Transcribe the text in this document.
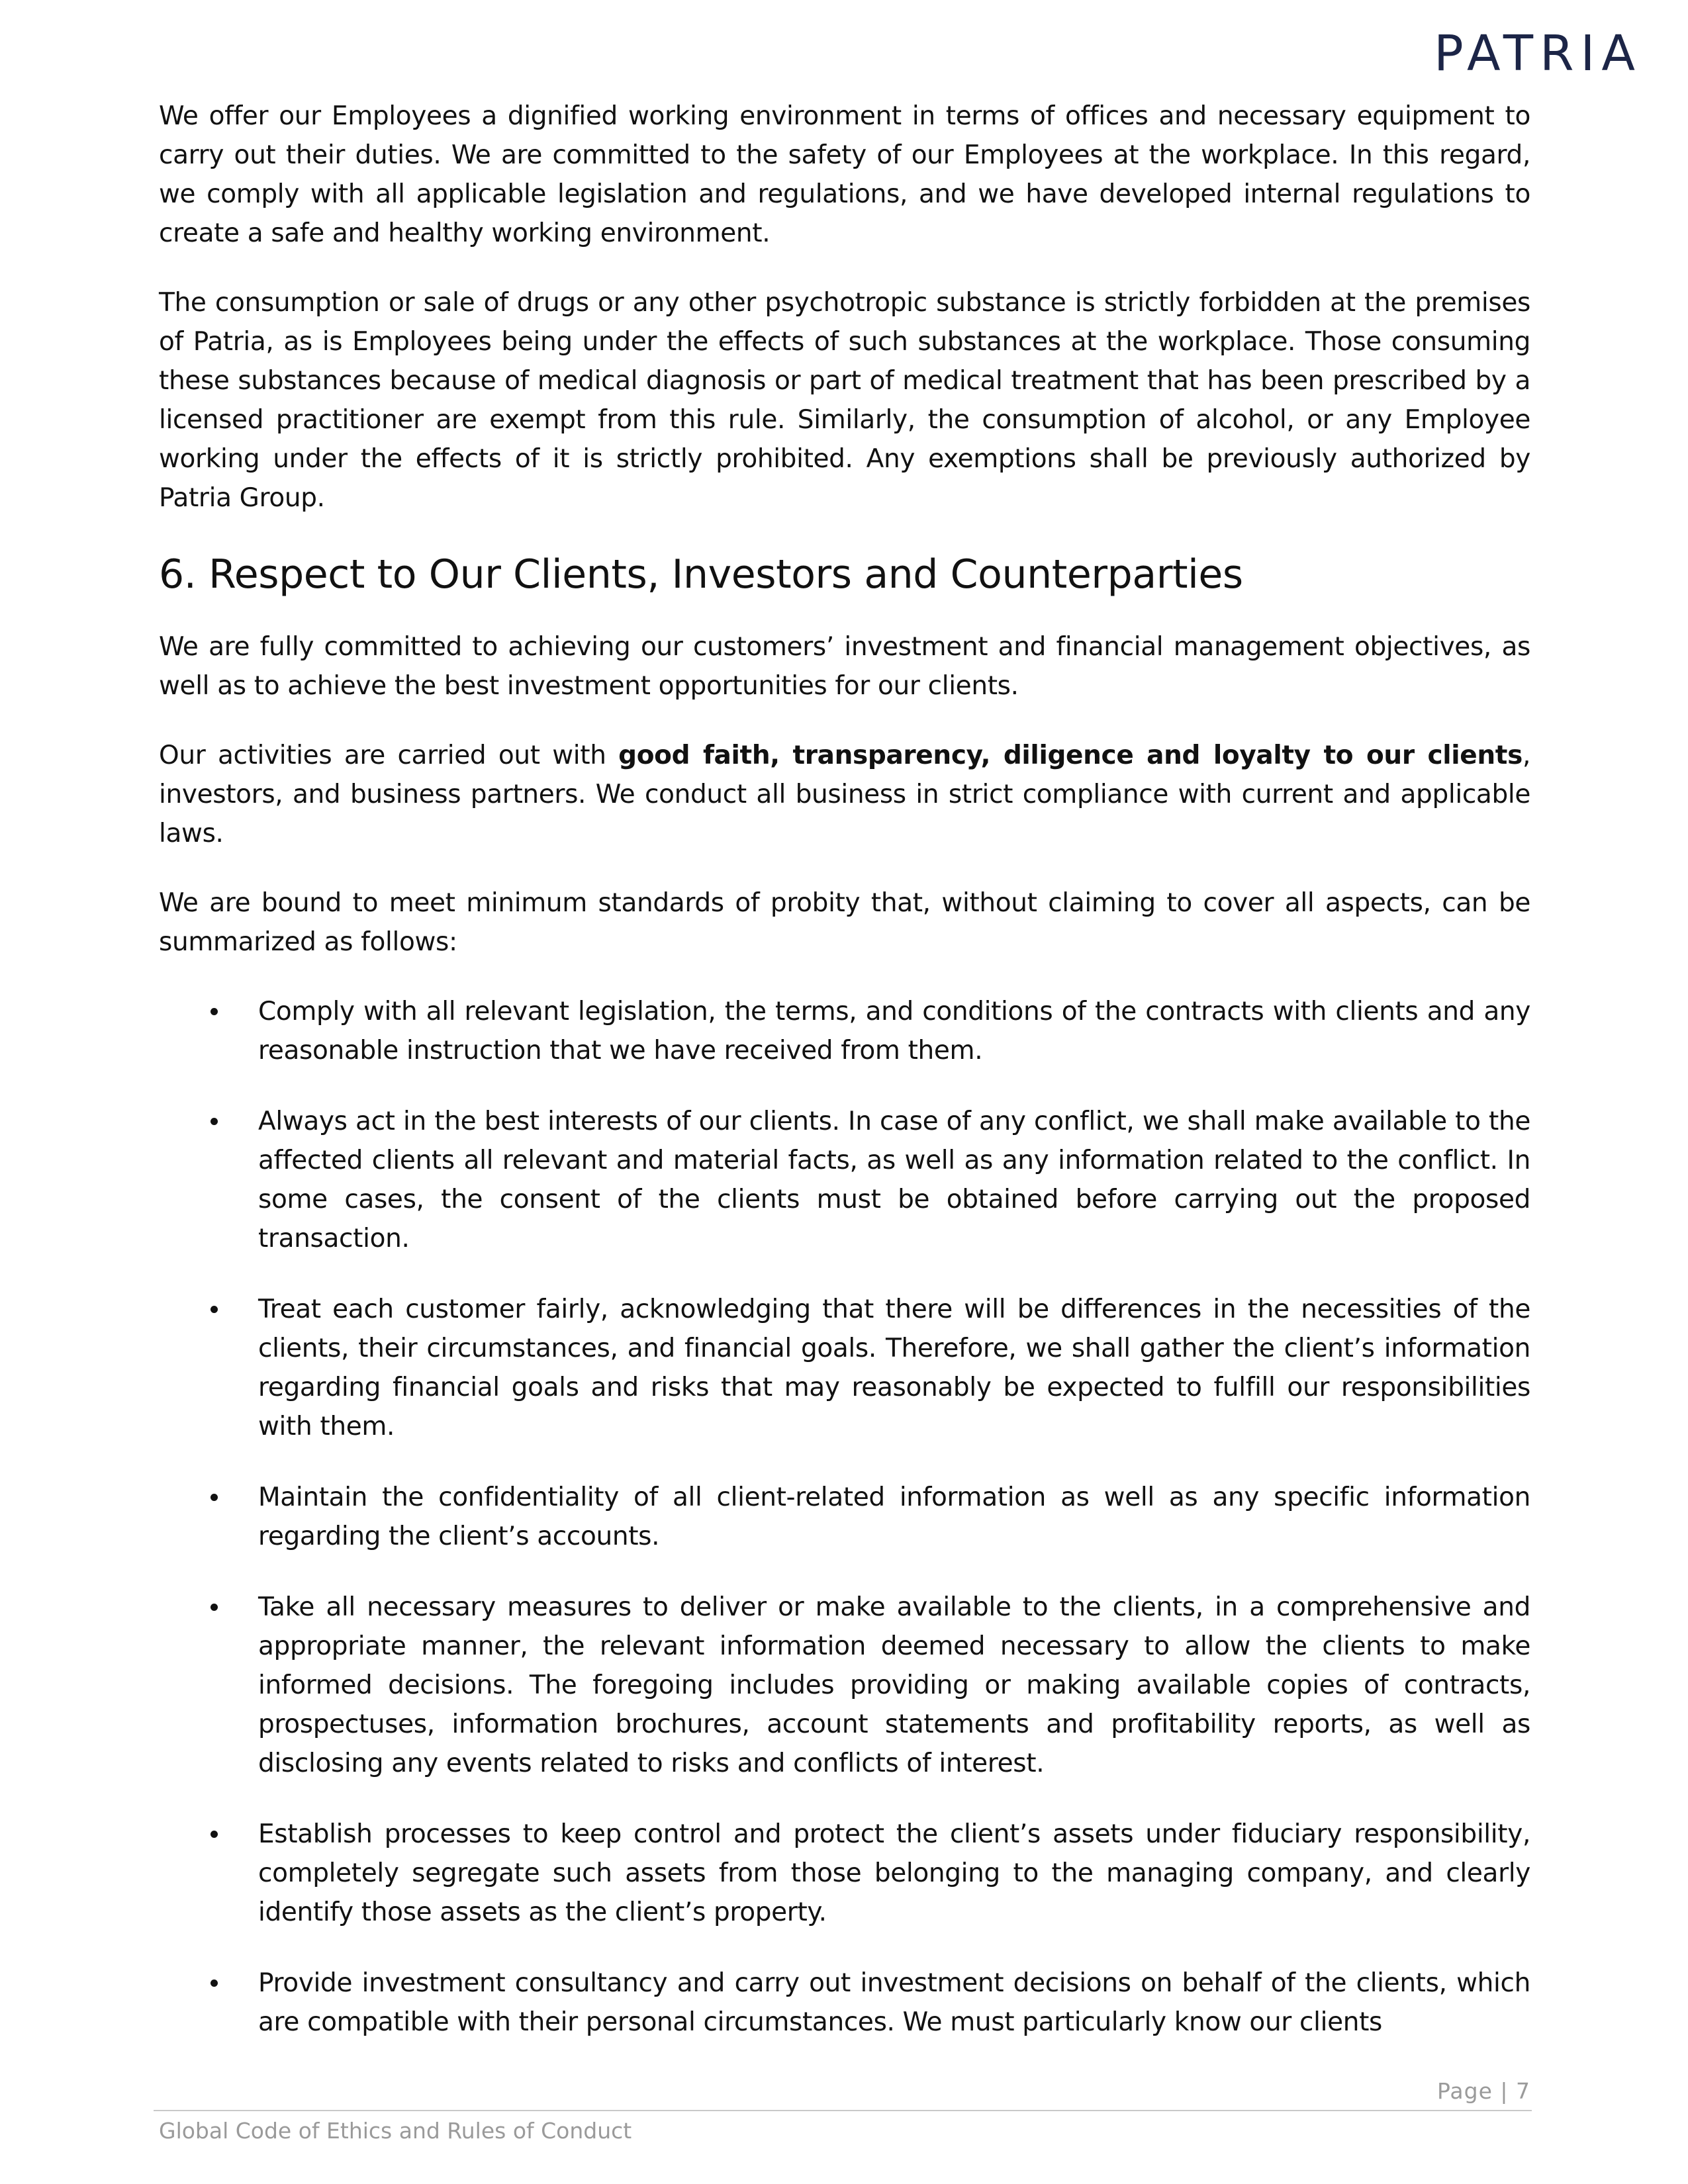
PATRIA

We offer our Employees a dignified working environment in terms of offices and necessary equipment to carry out their duties. We are committed to the safety of our Employees at the workplace. In this regard, we comply with all applicable legislation and regulations, and we have developed internal regulations to create a safe and healthy working environment.

The consumption or sale of drugs or any other psychotropic substance is strictly forbidden at the premises of Patria, as is Employees being under the effects of such substances at the workplace. Those consuming these substances because of medical diagnosis or part of medical treatment that has been prescribed by a licensed practitioner are exempt from this rule. Similarly, the consumption of alcohol, or any Employee working under the effects of it is strictly prohibited. Any exemptions shall be previously authorized by Patria Group.

6. Respect to Our Clients, Investors and Counterparties

We are fully committed to achieving our customers’ investment and financial management objectives, as well as to achieve the best investment opportunities for our clients.

Our activities are carried out with good faith, transparency, diligence and loyalty to our clients, investors, and business partners. We conduct all business in strict compliance with current and applicable laws.

We are bound to meet minimum standards of probity that, without claiming to cover all aspects, can be summarized as follows:

Comply with all relevant legislation, the terms, and conditions of the contracts with clients and any reasonable instruction that we have received from them.
Always act in the best interests of our clients. In case of any conflict, we shall make available to the affected clients all relevant and material facts, as well as any information related to the conflict. In some cases, the consent of the clients must be obtained before carrying out the proposed transaction.
Treat each customer fairly, acknowledging that there will be differences in the necessities of the clients, their circumstances, and financial goals. Therefore, we shall gather the client’s information regarding financial goals and risks that may reasonably be expected to fulfill our responsibilities with them.
Maintain the confidentiality of all client-related information as well as any specific information regarding the client’s accounts.
Take all necessary measures to deliver or make available to the clients, in a comprehensive and appropriate manner, the relevant information deemed necessary to allow the clients to make informed decisions. The foregoing includes providing or making available copies of contracts, prospectuses, information brochures, account statements and profitability reports, as well as disclosing any events related to risks and conflicts of interest.
Establish processes to keep control and protect the client’s assets under fiduciary responsibility, completely segregate such assets from those belonging to the managing company, and clearly identify those assets as the client’s property.
Provide investment consultancy and carry out investment decisions on behalf of the clients, which are compatible with their personal circumstances. We must particularly know our clients
Page | 7
Global Code of Ethics and Rules of Conduct
